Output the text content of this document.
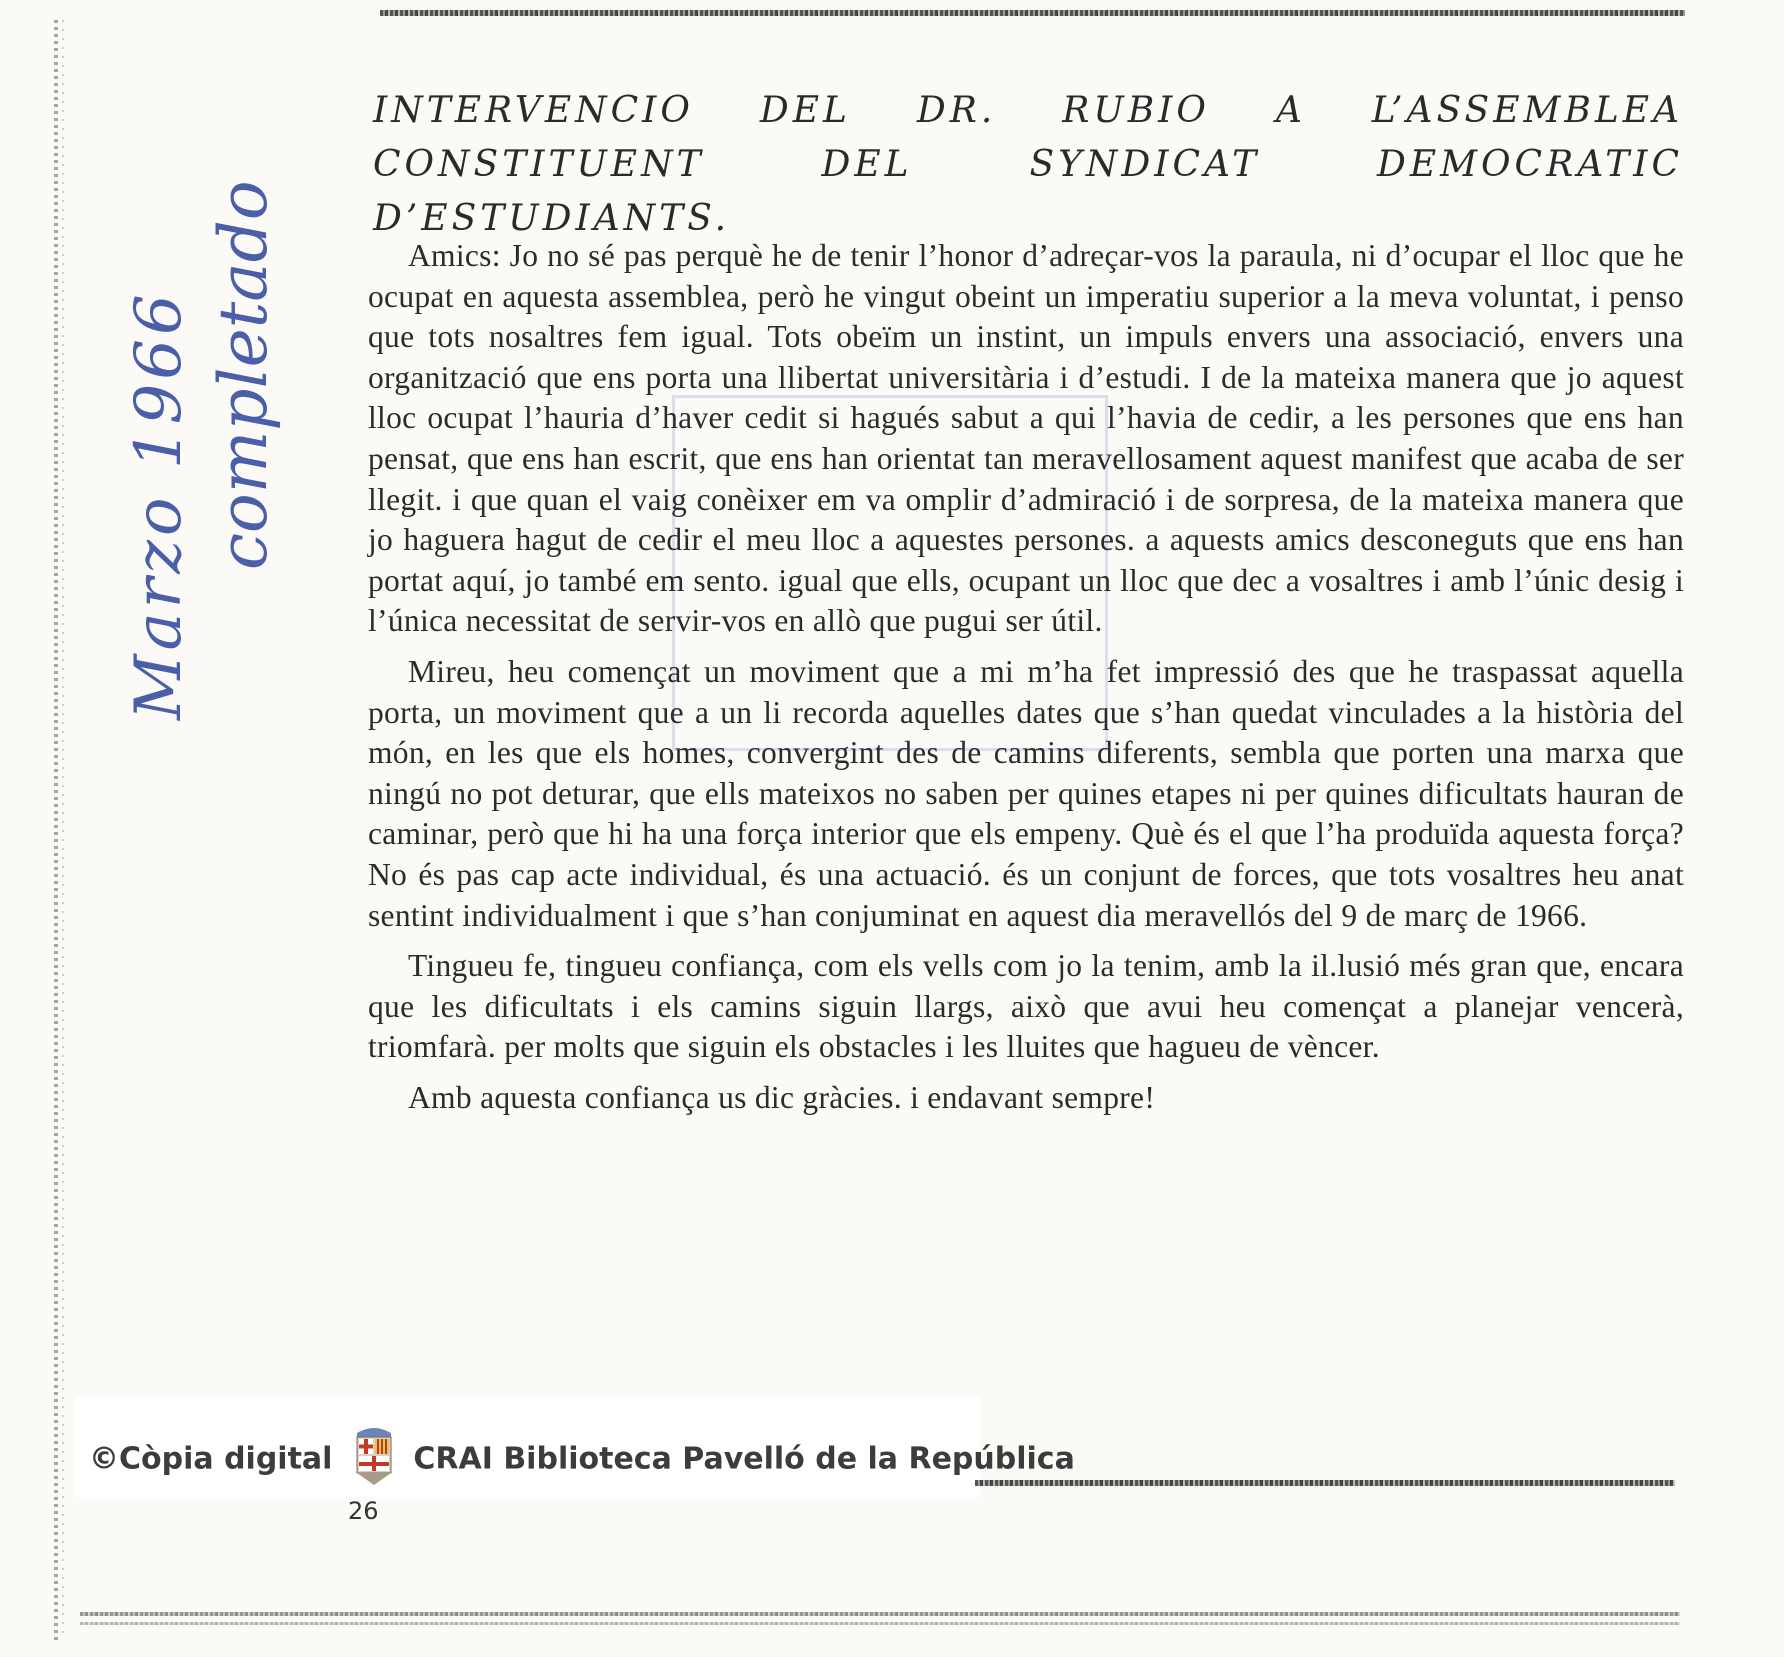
INTERVENCIO DEL DR. RUBIO A L’ASSEMBLEA CONSTITUENT DEL SYNDICAT DEMOCRATIC D’ESTUDIANTS.

Amics: Jo no sé pas perquè he de tenir l’honor d’adreçar-vos la paraula, ni d’ocupar el lloc que he ocupat en aquesta assemblea, però he vingut obeint un imperatiu superior a la meva voluntat, i penso que tots nosaltres fem igual. Tots obeïm un instint, un impuls envers una associació, envers una organització que ens porta una llibertat universitària i d’estudi. I de la mateixa manera que jo aquest lloc ocupat l’hauria d’haver cedit si hagués sabut a qui l’havia de cedir, a les persones que ens han pensat, que ens han escrit, que ens han orientat tan meravellosament aquest manifest que acaba de ser llegit. i que quan el vaig conèixer em va omplir d’admiració i de sorpresa, de la mateixa manera que jo haguera hagut de cedir el meu lloc a aquestes persones. a aquests amics desconeguts que ens han portat aquí, jo també em sento. igual que ells, ocupant un lloc que dec a vosaltres i amb l’únic desig i l’única necessitat de servir-vos en allò que pugui ser útil.

Mireu, heu començat un moviment que a mi m’ha fet impressió des que he traspassat aquella porta, un moviment que a un li recorda aquelles dates que s’han quedat vinculades a la història del món, en les que els homes, convergint des de camins diferents, sembla que porten una marxa que ningú no pot deturar, que ells mateixos no saben per quines etapes ni per quines dificultats hauran de caminar, però que hi ha una força interior que els empeny. Què és el que l’ha produïda aquesta força? No és pas cap acte individual, és una actuació. és un conjunt de forces, que tots vosaltres heu anat sentint individualment i que s’han conjuminat en aquest dia meravellós del 9 de març de 1966.

Tingueu fe, tingueu confiança, com els vells com jo la tenim, amb la il.lusió més gran que, encara que les dificultats i els camins siguin llargs, això que avui heu començat a planejar vencerà, triomfarà. per molts que siguin els obstacles i les lluites que hagueu de vèncer.

Amb aquesta confiança us dic gràcies. i endavant sempre!

Marzo 1966 completado
©Còpia digital	CRAI Biblioteca Pavelló de la República
26
